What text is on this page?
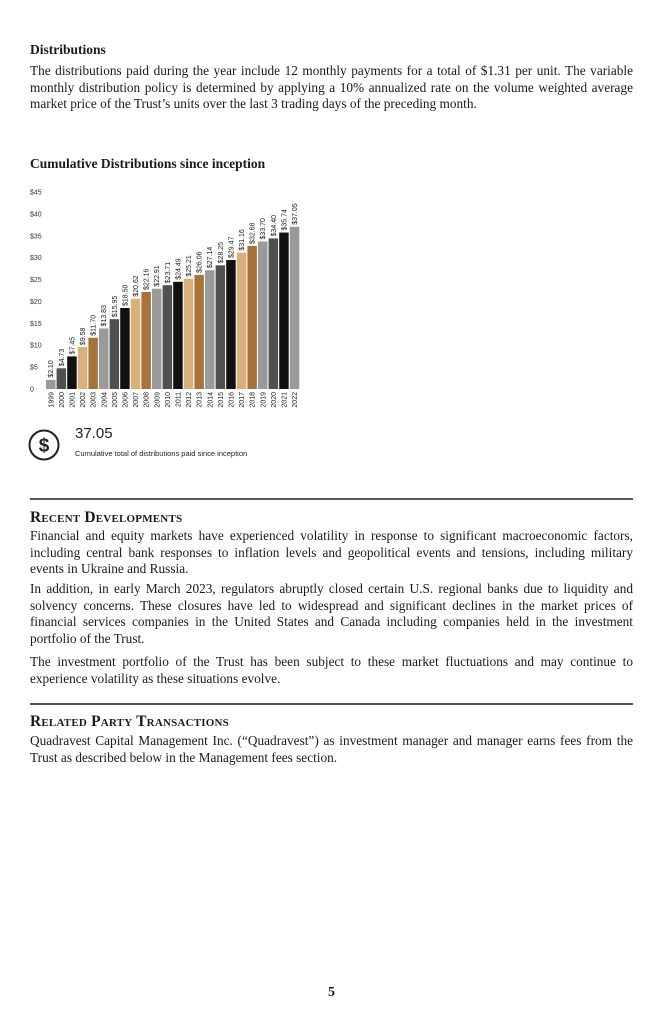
Distributions

The distributions paid during the year include 12 monthly payments for a total of $1.31 per unit. The variable monthly distribution policy is determined by applying a 10% annualized rate on the volume weighted average market price of the Trust’s units over the last 3 trading days of the preceding month.

Cumulative Distributions since inception

0
$5
$10
$15
$20
$25
$30
$35
$40
$45
$2.10
1999
$4.73
2000
$7.45
2001
$9.58
2002
$11.70
2003
$13.83
2004
$15.95
2005
$18.50
2006
$20.62
2007
$22.16
2008
$22.91
2009
$23.71
2010
$24.49
2011
$25.21
2012
$26.06
2013
$27.14
2014
$28.25
2015
$29.47
2016
$31.16
2017
$32.68
2018
$33.70
2019
$34.40
2020
$35.74
2021
$37.05
2022
$

37.05

Cumulative total of distributions paid since inception

Recent Developments

Financial and equity markets have experienced volatility in response to significant macroeconomic factors, including central bank responses to inflation levels and geopolitical events and tensions, including military events in Ukraine and Russia.

In addition, in early March 2023, regulators abruptly closed certain U.S. regional banks due to liquidity and solvency concerns. These closures have led to widespread and significant declines in the market prices of financial services companies in the United States and Canada including companies held in the investment portfolio of the Trust.

The investment portfolio of the Trust has been subject to these market fluctuations and may continue to experience volatility as these situations evolve.

Related Party Transactions

Quadravest Capital Management Inc. (“Quadravest”) as investment manager and manager earns fees from the Trust as described below in the Management fees section.

5
